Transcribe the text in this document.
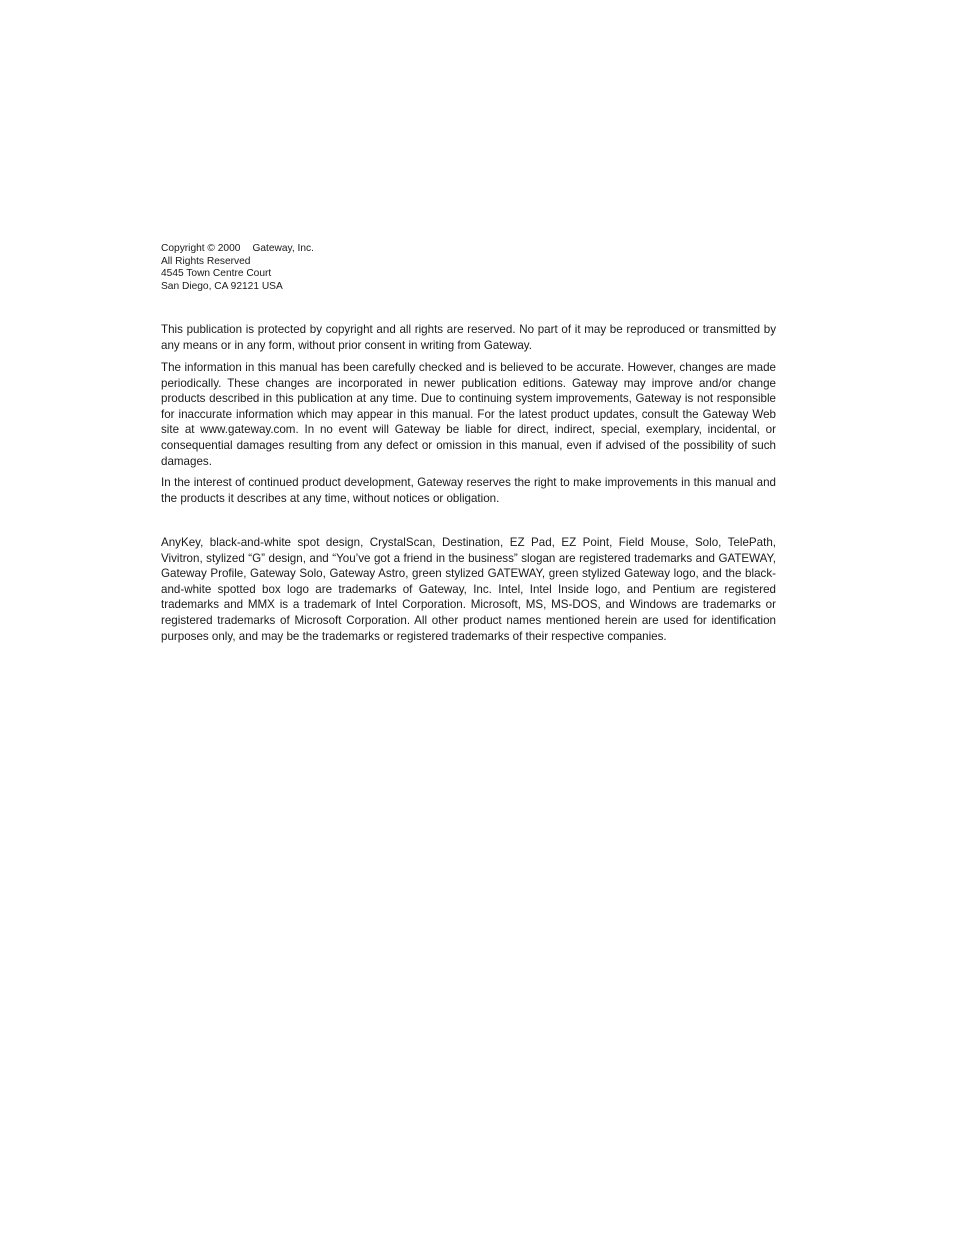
Copyright © 2000 Gateway, Inc.
All Rights Reserved
4545 Town Centre Court
San Diego, CA 92121 USA

This publication is protected by copyright and all rights are reserved. No part of it may be reproduced or transmitted by any means or in any form, without prior consent in writing from Gateway.

The information in this manual has been carefully checked and is believed to be accurate. However, changes are made periodically. These changes are incorporated in newer publication editions. Gateway may improve and/or change products described in this publication at any time. Due to continuing system improvements, Gateway is not responsible for inaccurate information which may appear in this manual. For the latest product updates, consult the Gateway Web site at www.gateway.com. In no event will Gateway be liable for direct, indirect, special, exemplary, incidental, or consequential damages resulting from any defect or omission in this manual, even if advised of the possibility of such damages.

In the interest of continued product development, Gateway reserves the right to make improvements in this manual and the products it describes at any time, without notices or obligation.

AnyKey, black-and-white spot design, CrystalScan, Destination, EZ Pad, EZ Point, Field Mouse, Solo, TelePath, Vivitron, stylized “G” design, and “You’ve got a friend in the business” slogan are registered trademarks and GATEWAY, Gateway Profile, Gateway Solo, Gateway Astro, green stylized GATEWAY, green stylized Gateway logo, and the black-and-white spotted box logo are trademarks of Gateway, Inc. Intel, Intel Inside logo, and Pentium are registered trademarks and MMX is a trademark of Intel Corporation. Microsoft, MS, MS-DOS, and Windows are trademarks or registered trademarks of Microsoft Corporation. All other product names mentioned herein are used for identification purposes only, and may be the trademarks or registered trademarks of their respective companies.
